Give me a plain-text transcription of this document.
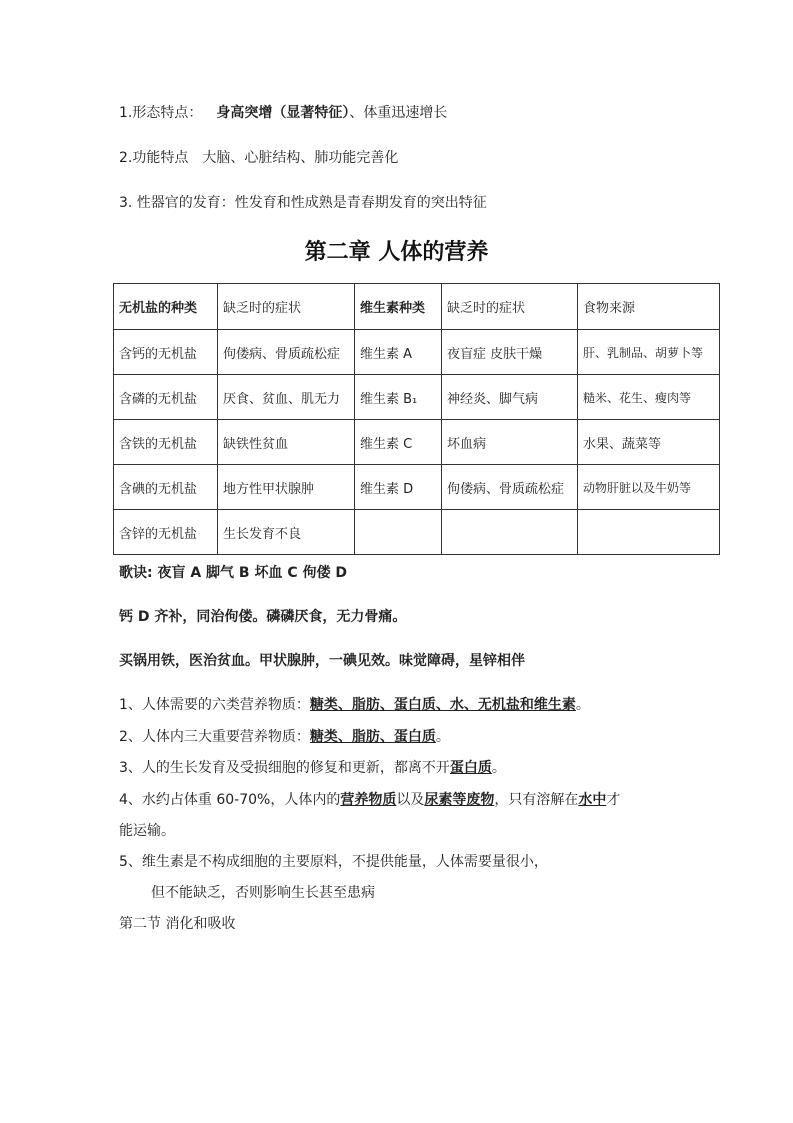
1.形态特点： 身高突增（显著特征）、体重迅速增长
2.功能特点　大脑、心脏结构、肺功能完善化
3. 性器官的发育：性发育和性成熟是青春期发育的突出特征
第二章 人体的营养
无机盐的种类	缺乏时的症状	维生素种类	缺乏时的症状	食物来源
含钙的无机盐	佝偻病、骨质疏松症	维生素 A	夜盲症 皮肤干燥	肝、乳制品、胡萝卜等
含磷的无机盐	厌食、贫血、肌无力	维生素 B₁	神经炎、脚气病	糙米、花生、瘦肉等
含铁的无机盐	缺铁性贫血	维生素 C	坏血病	水果、蔬菜等
含碘的无机盐	地方性甲状腺肿	维生素 D	佝偻病、骨质疏松症	动物肝脏以及牛奶等
含锌的无机盐	生长发育不良			
歌诀: 夜盲 A 脚气 B 坏血 C 佝偻 D
钙 D 齐补，同治佝偻。磷磷厌食，无力骨痛。
买锅用铁，医治贫血。甲状腺肿，一碘见效。味觉障碍，星锌相伴
1、人体需要的六类营养物质：糖类、脂肪、蛋白质、水、无机盐和维生素。
2、人体内三大重要营养物质：糖类、脂肪、蛋白质。
3、人的生长发育及受损细胞的修复和更新，都离不开蛋白质。
4、水约占体重 60-70%，人体内的营养物质以及尿素等废物，只有溶解在水中才
能运输。
5、维生素是不构成细胞的主要原料，不提供能量，人体需要量很小，
但不能缺乏，否则影响生长甚至患病
第二节 消化和吸收
